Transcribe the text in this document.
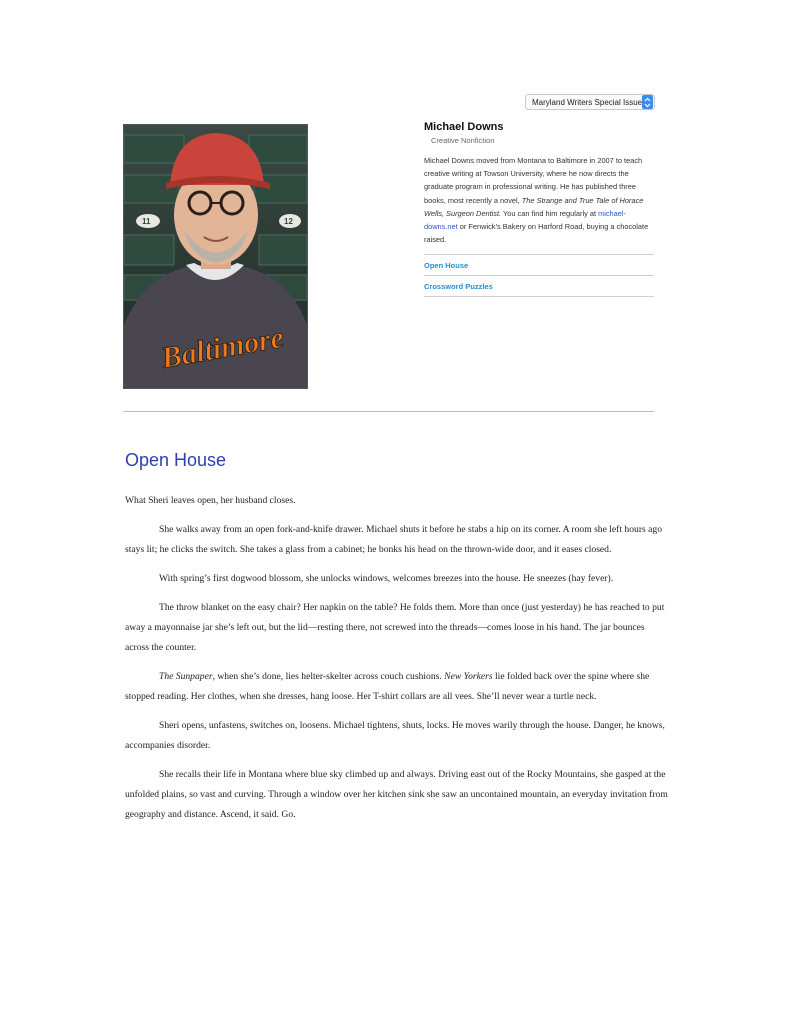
Maryland Writers Special Issue
11	12
Baltimore
Michael Downs
Creative Nonfiction

Michael Downs moved from Montana to Baltimore in 2007 to teach creative writing at Towson University, where he now directs the graduate program in professional writing. He has published three books, most recently a novel, The Strange and True Tale of Horace Wells, Surgeon Dentist. You can find him regularly at michael-downs.net or Fenwick’s Bakery on Harford Road, buying a chocolate raised.

Open House
Crossword Puzzles
Open House

What Sheri leaves open, her husband closes.

She walks away from an open fork-and-knife drawer. Michael shuts it before he stabs a hip on its corner. A room she left hours ago stays lit; he clicks the switch. She takes a glass from a cabinet; he bonks his head on the thrown-wide door, and it eases closed.

With spring’s first dogwood blossom, she unlocks windows, welcomes breezes into the house. He sneezes (hay fever).

The throw blanket on the easy chair? Her napkin on the table? He folds them. More than once (just yesterday) he has reached to put away a mayonnaise jar she’s left out, but the lid—resting there, not screwed into the threads—comes loose in his hand. The jar bounces across the counter.

The Sunpaper, when she’s done, lies helter-skelter across couch cushions. New Yorkers lie folded back over the spine where she stopped reading. Her clothes, when she dresses, hang loose. Her T-shirt collars are all vees. She’ll never wear a turtle neck.

Sheri opens, unfastens, switches on, loosens. Michael tightens, shuts, locks. He moves warily through the house. Danger, he knows, accompanies disorder.

She recalls their life in Montana where blue sky climbed up and always. Driving east out of the Rocky Mountains, she gasped at the unfolded plains, so vast and curving. Through a window over her kitchen sink she saw an uncontained mountain, an everyday invitation from geography and distance. Ascend, it said. Go.
